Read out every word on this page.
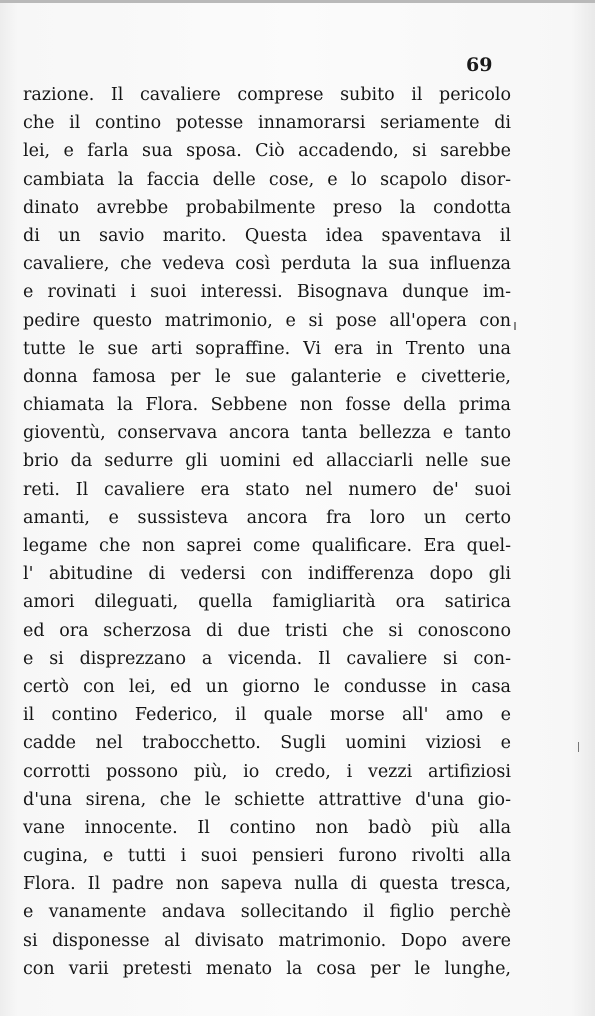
69
razione. Il cavaliere comprese subito il pericolo
che il contino potesse innamorarsi seriamente di
lei, e farla sua sposa. Ciò accadendo, si sarebbe
cambiata la faccia delle cose, e lo scapolo disor-
dinato avrebbe probabilmente preso la condotta
di un savio marito. Questa idea spaventava il
cavaliere, che vedeva così perduta la sua influenza
e rovinati i suoi interessi. Bisognava dunque im-
pedire questo matrimonio, e si pose all'opera con
tutte le sue arti sopraffine. Vi era in Trento una
donna famosa per le sue galanterie e civetterie,
chiamata la Flora. Sebbene non fosse della prima
gioventù, conservava ancora tanta bellezza e tanto
brio da sedurre gli uomini ed allacciarli nelle sue
reti. Il cavaliere era stato nel numero de' suoi
amanti, e sussisteva ancora fra loro un certo
legame che non saprei come qualificare. Era quel-
l' abitudine di vedersi con indifferenza dopo gli
amori dileguati, quella famigliarità ora satirica
ed ora scherzosa di due tristi che si conoscono
e si disprezzano a vicenda. Il cavaliere si con-
certò con lei, ed un giorno le condusse in casa
il contino Federico, il quale morse all' amo e
cadde nel trabocchetto. Sugli uomini viziosi e
corrotti possono più, io credo, i vezzi artifiziosi
d'una sirena, che le schiette attrattive d'una gio-
vane innocente. Il contino non badò più alla
cugina, e tutti i suoi pensieri furono rivolti alla
Flora. Il padre non sapeva nulla di questa tresca,
e vanamente andava sollecitando il figlio perchè
si disponesse al divisato matrimonio. Dopo avere
con varii pretesti menato la cosa per le lunghe,
